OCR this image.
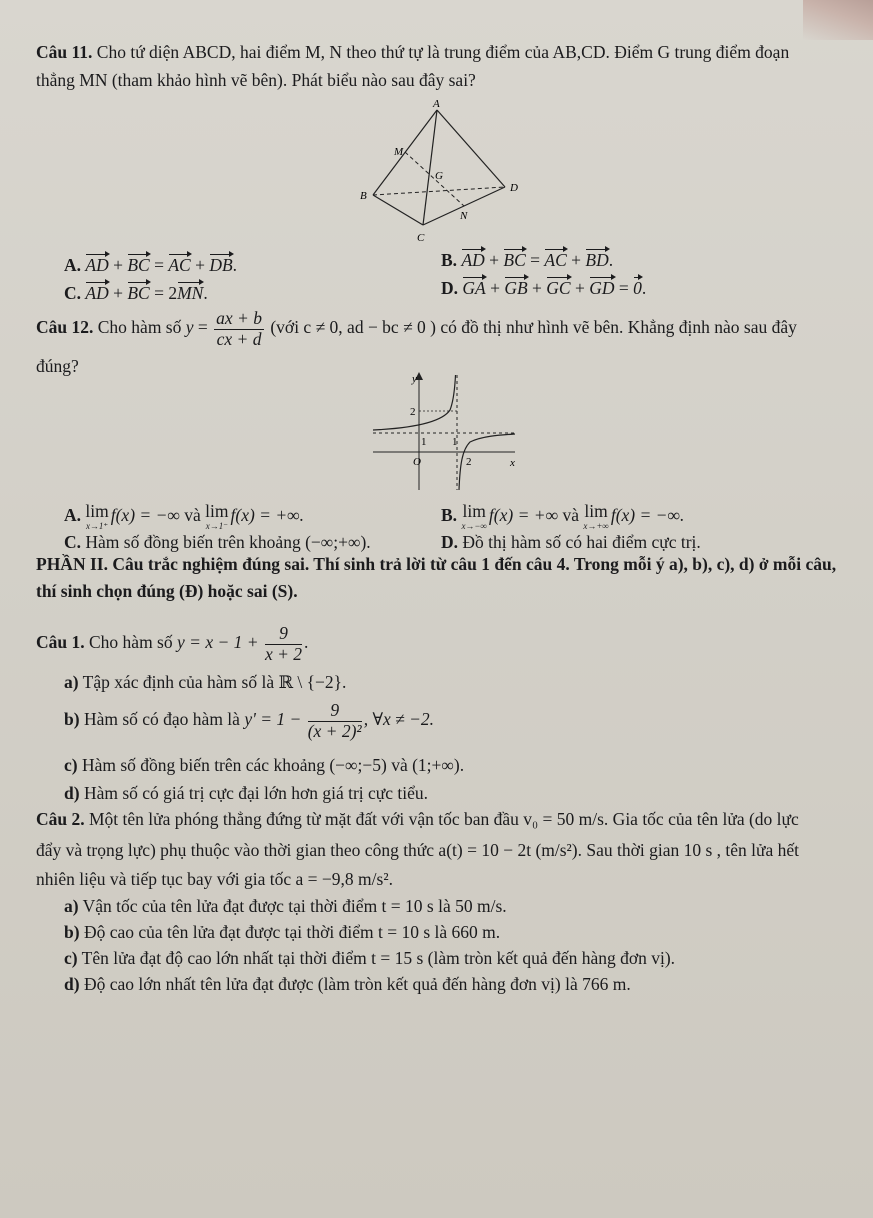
Câu 11. Cho tứ diện ABCD, hai điểm M, N theo thứ tự là trung điểm của AB,CD. Điểm G trung điểm đoạn
thẳng MN (tham khảo hình vẽ bên). Phát biểu nào sau đây sai?
A
M
G
B
D
N
C
A. AD + BC = AC + DB.	B. AD + BC = AC + BD.
C. AD + BC = 2MN.	D. GA + GB + GC + GD = 0.
Câu 12. Cho hàm số $y = \frac{ax + b}{cx + d}$ (với c ≠ 0, ad − bc ≠ 0 ) có đồ thị như hình vẽ bên. Khẳng định nào sau đây
đúng?
y
x
O
2
1 1
2
A. lim
x→1⁺
f(x) = −∞ và lim
x→1⁻
f(x) = +∞.	B. lim
x→−∞
f(x) = +∞ và lim
x→+∞
f(x) = −∞.
C. Hàm số đồng biến trên khoảng (−∞;+∞).	D. Đồ thị hàm số có hai điểm cực trị.
PHẦN II. Câu trắc nghiệm đúng sai. Thí sinh trả lời từ câu 1 đến câu 4. Trong mỗi ý a), b), c), d) ở mỗi câu,
thí sinh chọn đúng (Đ) hoặc sai (S).
Câu 1. Cho hàm số $y = x - 1 + \frac{9}{x + 2}$ .
a) Tập xác định của hàm số là ℝ \ {−2}.
b) Hàm số có đạo hàm là $y' = 1 - \frac{9}{\text{(x + 2)²}}$ , ∀x ≠ −2.
c) Hàm số đồng biến trên các khoảng (−∞;−5) và (1;+∞).
d) Hàm số có giá trị cực đại lớn hơn giá trị cực tiểu.
Câu 2. Một tên lửa phóng thẳng đứng từ mặt đất với vận tốc ban đầu v₀ = 50 m/s. Gia tốc của tên lửa (do lực
đẩy và trọng lực) phụ thuộc vào thời gian theo công thức a(t) = 10 − 2t (m/s²). Sau thời gian 10 s , tên lửa hết
nhiên liệu và tiếp tục bay với gia tốc a = −9,8 m/s².
a) Vận tốc của tên lửa đạt được tại thời điểm t = 10 s là 50 m/s.
b) Độ cao của tên lửa đạt được tại thời điểm t = 10 s là 660 m.
c) Tên lửa đạt độ cao lớn nhất tại thời điểm t = 15 s (làm tròn kết quả đến hàng đơn vị).
d) Độ cao lớn nhất tên lửa đạt được (làm tròn kết quả đến hàng đơn vị) là 766 m.
